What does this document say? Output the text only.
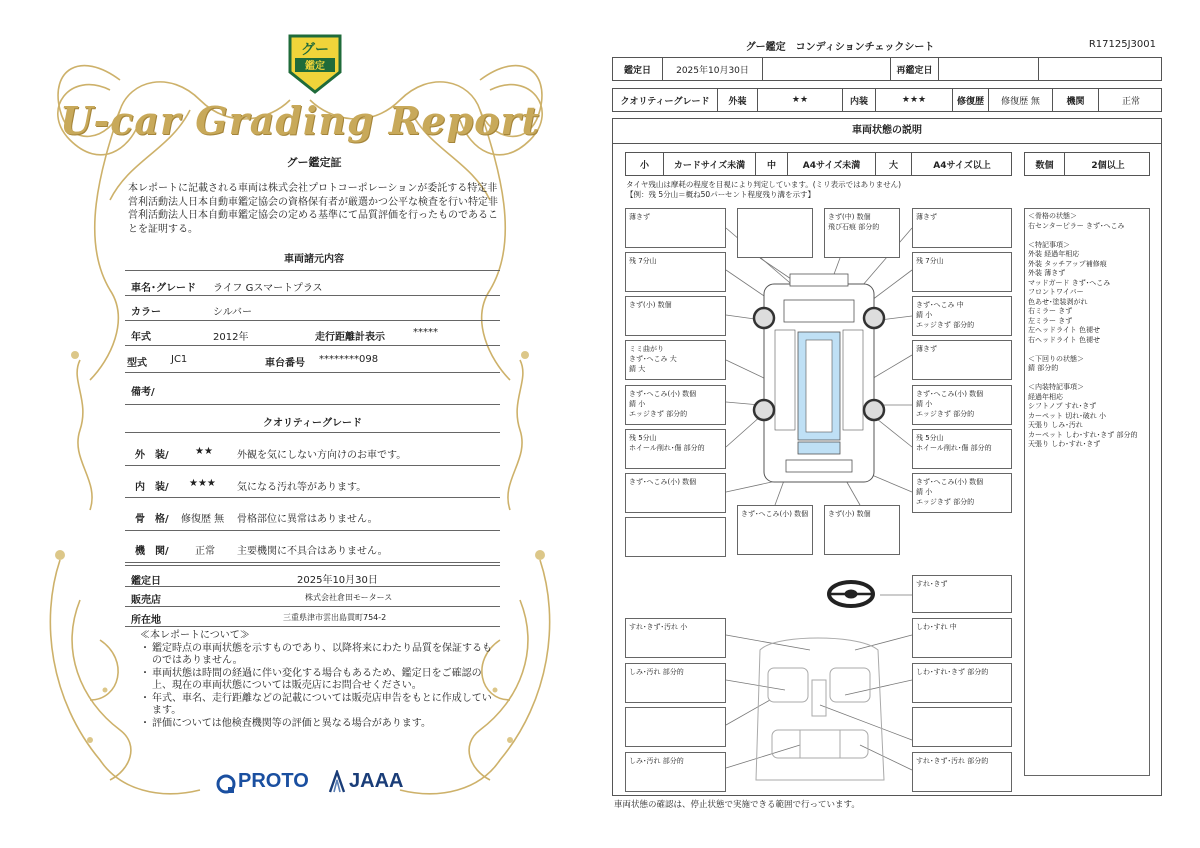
グー
鑑定
U-car Grading Report
グー鑑定証
本レポートに記載される車両は株式会社プロトコーポレーションが委託する特定非営利活動法人日本自動車鑑定協会の資格保有者が厳選かつ公平な検査を行い特定非営利活動法人日本自動車鑑定協会の定める基準にて品質評価を行ったものであることを証明する。
車両諸元内容
車名･グレード ライフ Gスマートプラス
カラー	シルバー
年式	2012年	走行距離計表示	*****
型式 JC1	車台番号 ********098
備考/
クオリティーグレード
外　装/	★★ 外観を気にしない方向けのお車です。
内　装/ ★★★ 気になる汚れ等があります。
骨　格/ 修復歴 無 骨格部位に異常はありません。
機　関/	正常 主要機関に不具合はありません。
鑑定日	2025年10月30日
販売店	株式会社倉田モータース
所在地	三重県津市雲出島貫町754-2
≪本レポートについて≫
・ 鑑定時点の車両状態を示すものであり、以降将来にわたり品質を保証するものではありません。
・ 車両状態は時間の経過に伴い変化する場合もあるため、鑑定日をご確認の上、現在の車両状態については販売店にお問合せください。
・ 年式、車名、走行距離などの記載については販売店申告をもとに作成しています。
・ 評価については他検査機関等の評価と異なる場合があります。
PROTO JAAA
グー鑑定　コンディションチェックシート	R17125J3001
鑑定日	2025年10月30日	再鑑定日
クオリティーグレード	外装	★★	内装	★★★	修復歴	修復歴 無	機関	正常
車両状態の説明
小	カードサイズ未満	中	A4サイズ未満	大	A4サイズ以上	数個	2個以上
タイヤ残山は摩耗の程度を目視により判定しています。(ミリ表示ではありません)
【例：残 5分山＝概ね50パーセント程度残り溝を示す】
薄きず
残 7分山
きず(小) 数個
ミミ曲がり
きず･へこみ 大
錆 大
きず･へこみ(小) 数個
錆 小
エッジきず 部分的
残 5分山
ホイール削れ･傷 部分的
きず･へこみ(小) 数個
きず(中) 数個
飛び石痕 部分的
薄きず
残 7分山
きず･へこみ 中
錆 小
エッジきず 部分的
薄きず
きず･へこみ(小) 数個
錆 小
エッジきず 部分的
残 5分山
ホイール削れ･傷 部分的
きず･へこみ(小) 数個
錆 小
エッジきず 部分的
きず･へこみ(小) 数個	きず(小) 数個
すれ･きず
すれ･きず･汚れ 小
しみ･汚れ 部分的
しみ･汚れ 部分的
しわ･すれ 中
しわ･すれ･きず 部分的
すれ･きず･汚れ 部分的
＜骨格の状態＞
右センターピラー きず･へこみ

＜特記事項＞
外装 経過年相応
外装 タッチアップ補修痕
外装 薄きず
マッドガード きず･へこみ
フロントワイパー
色あせ･塗装剥がれ
右ミラー きず
左ミラー きず
左ヘッドライト 色褪せ
右ヘッドライト 色褪せ

＜下回りの状態＞
錆 部分的

＜内装特記事項＞
経過年相応
シフトノブ すれ･きず
カーペット 切れ･破れ 小
天張り しみ･汚れ
カーペット しわ･すれ･きず 部分的
天張り しわ･すれ･きず
車両状態の確認は、停止状態で実施できる範囲で行っています。
